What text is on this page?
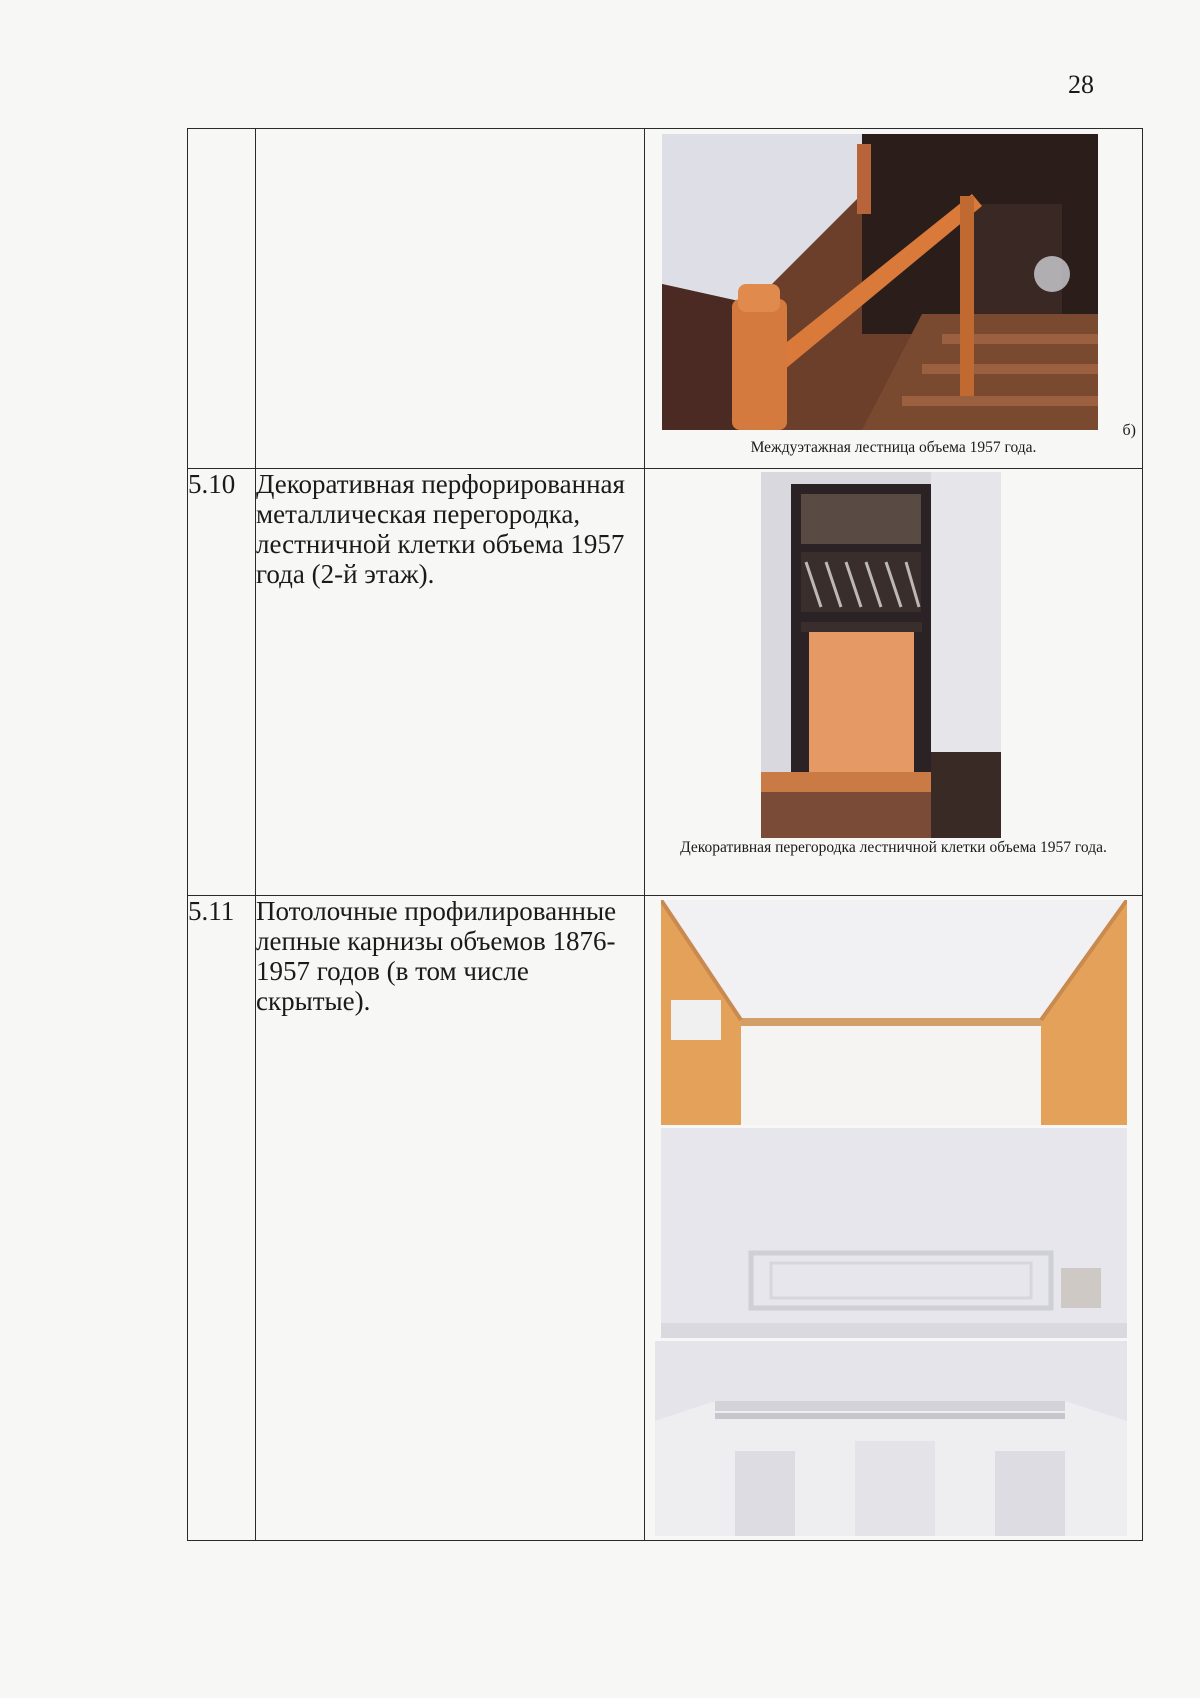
28

		б)
Междуэтажная лестница объема 1957 года.

5.10	Декоративная перфорированная металлическая перегородка, лестничной клетки объема 1957 года (2-й этаж).	Декоративная перегородка лестничной клетки объема 1957 года.

5.11	Потолочные профилированные лепные карнизы объемов 1876-1957 годов (в том числе скрытые).	
